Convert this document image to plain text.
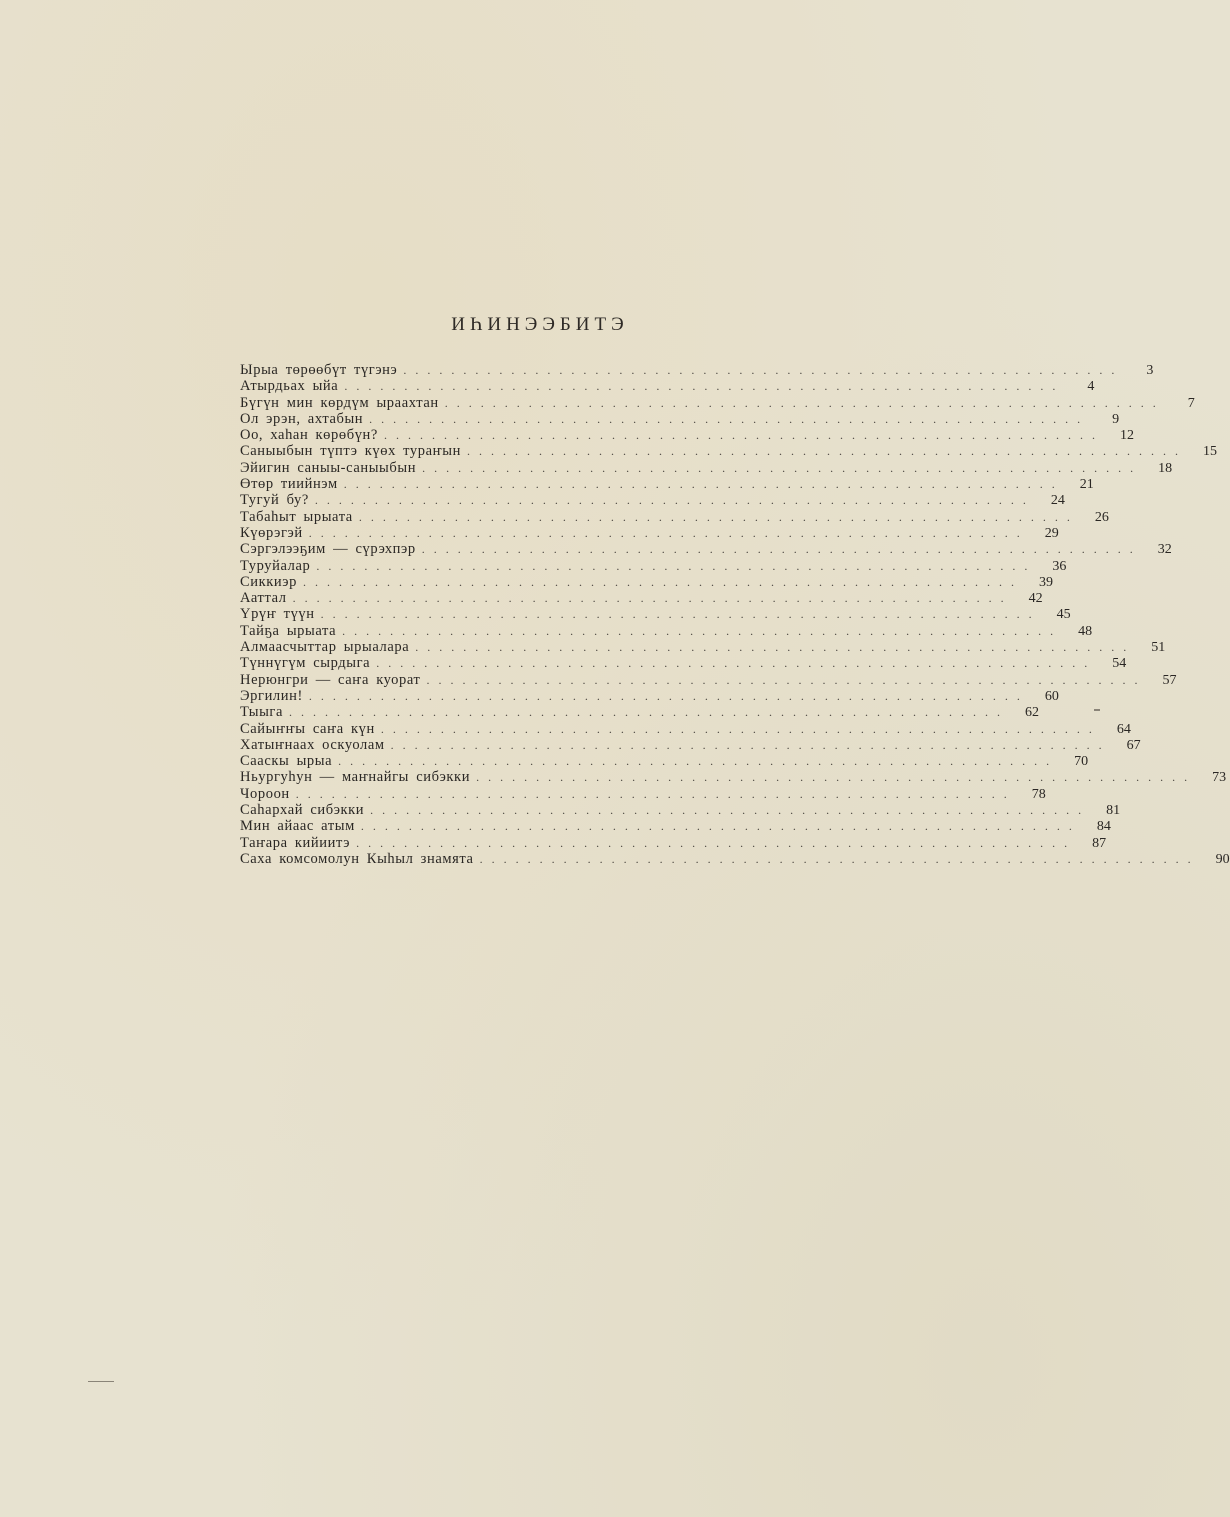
ИҺИНЭЭБИТЭ
Ырыа төрөөбүт түгэнэ ............................................................	3
Атырдьах ыйа ............................................................	4
Бүгүн мин көрдүм ыраахтан ............................................................	7
Ол эрэн, ахтабын ............................................................	9
Оо, хаһан көрөбүн? ............................................................	12
Саныыбын түптэ күөх тураҥын ............................................................	15
Эйигин саныы-саныыбын ............................................................	18
Өтөр тиийнэм ............................................................	21
Тугуй бу? ............................................................	24
Табаһыт ырыата ............................................................	26
Күөрэгэй ............................................................	29
Сэргэлээҕим — сүрэхпэр ............................................................	32
Туруйалар ............................................................	36
Сиккиэр ............................................................	39
Ааттал ............................................................	42
Үрүҥ түүн ............................................................	45
Тайҕа ырыата ............................................................	48
Алмаасчыттар ырыалара ............................................................	51
Түннүгүм сырдыга ............................................................	54
Нерюнгри — саҥа куорат ............................................................	57
Эргилин! ............................................................	60
Тыыга ............................................................	62
Сайыҥҥы саҥа күн ............................................................	64
Хатыҥнаах оскуолам ............................................................	67
Сааскы ырыа ............................................................	70
Ньургуһун — маҥнайгы сибэкки ............................................................	73
Чороон ............................................................	78
Саһархай сибэкки ............................................................	81
Мин айаас атым ............................................................	84
Таҥара кийиитэ ............................................................	87
Саха комсомолун Кыһыл знамята ............................................................	90
